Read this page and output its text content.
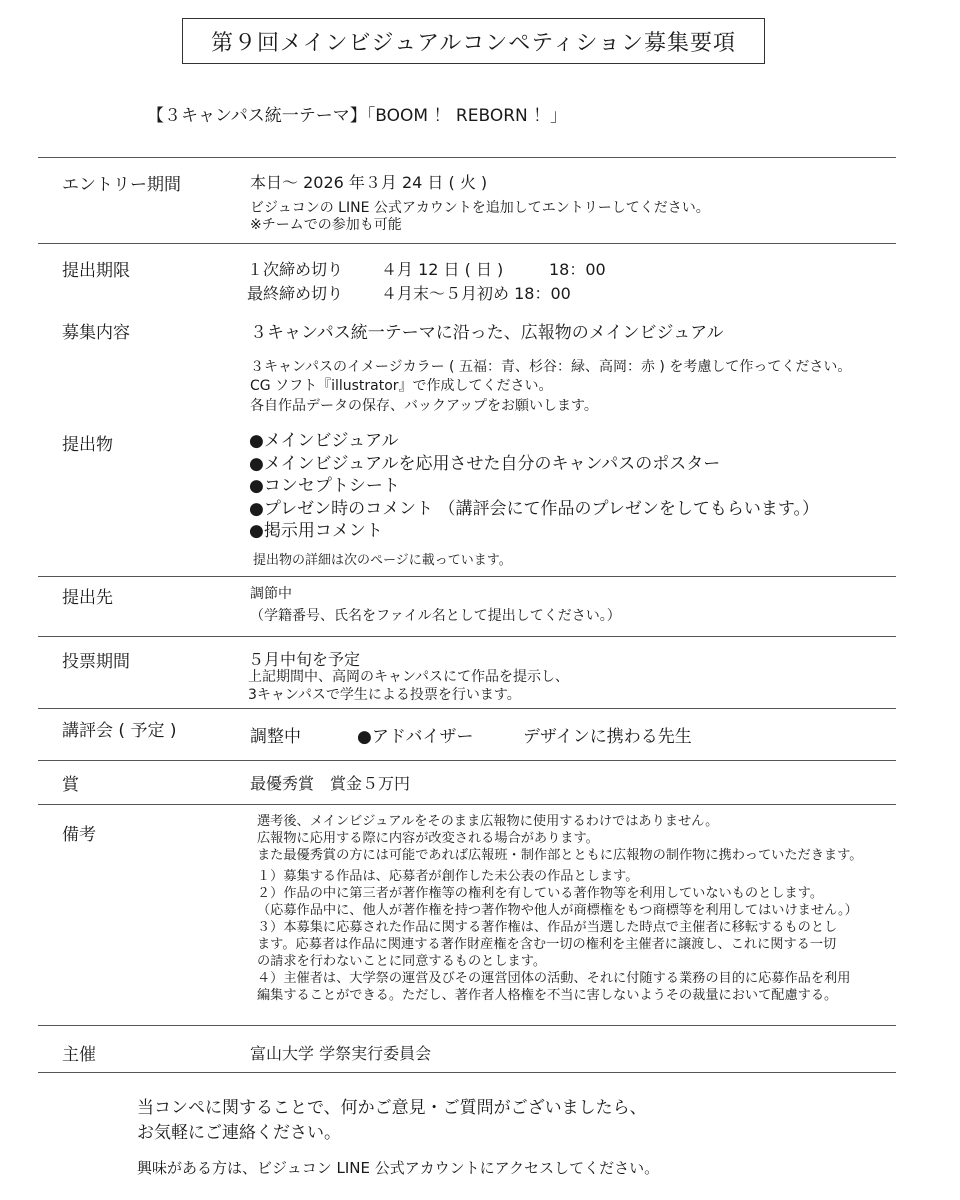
第９回メインビジュアルコンペティション募集要項
【３キャンパス統一テーマ】「BOOM ！ REBORN ！」
エントリー期間	本日～ 2026 年３月 24 日 ( 火 )
ビジュコンの LINE 公式アカウントを追加してエントリーしてください。
※チームでの参加も可能
提出期限	１次締め切り ４月 12 日 ( 日 )	18：00
最終締め切り ４月末～５月初め 18：00
募集内容	３キャンパス統一テーマに沿った、広報物のメインビジュアル
３キャンパスのイメージカラー ( 五福：青、杉谷：緑、高岡：赤 ) を考慮して作ってください。
CG ソフト『illustrator』で作成してください。
各自作品データの保存、バックアップをお願いします。
提出物	●メインビジュアル
●メインビジュアルを応用させた自分のキャンパスのポスター
●コンセプトシート
●プレゼン時のコメント （講評会にて作品のプレゼンをしてもらいます。）
●掲示用コメント
提出物の詳細は次のページに載っています。
提出先	調節中
（学籍番号、氏名をファイル名として提出してください。）
投票期間	５月中旬を予定
上記期間中、高岡のキャンパスにて作品を提示し、
3キャンパスで学生による投票を行います。
講評会 ( 予定 )	調整中	●アドバイザー	デザインに携わる先生
賞	最優秀賞　賞金５万円
備考
選考後、メインビジュアルをそのまま広報物に使用するわけではありません。
広報物に応用する際に内容が改変される場合があります。
また最優秀賞の方には可能であれば広報班・制作部とともに広報物の制作物に携わっていただきます。
１）募集する作品は、応募者が創作した未公表の作品とします。
２）作品の中に第三者が著作権等の権利を有している著作物等を利用していないものとします。
（応募作品中に、他人が著作権を持つ著作物や他人が商標権をもつ商標等を利用してはいけません。）
３）本募集に応募された作品に関する著作権は、作品が当選した時点で主催者に移転するものとし
ます。応募者は作品に関連する著作財産権を含む一切の権利を主催者に譲渡し、これに関する一切
の請求を行わないことに同意するものとします。
４）主催者は、大学祭の運営及びその運営団体の活動、それに付随する業務の目的に応募作品を利用
編集することができる。ただし、著作者人格権を不当に害しないようその裁量において配慮する。
主催	富山大学 学祭実行委員会
当コンペに関することで、何かご意見・ご質問がございましたら、
お気軽にご連絡ください。
興味がある方は、ビジュコン LINE 公式アカウントにアクセスしてください。
